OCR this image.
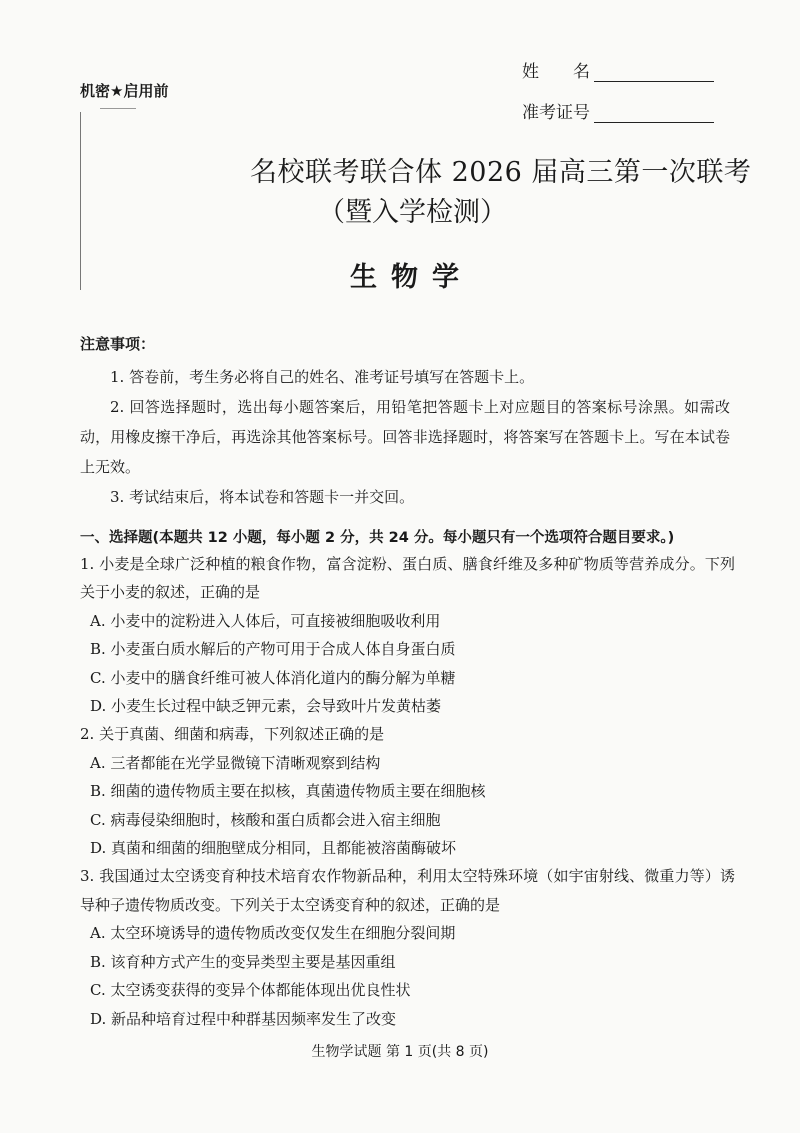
机密★启用前
姓　　名
准考证号
名校联考联合体 2026 届高三第一次联考
（暨入学检测）
生物学
注意事项：

1. 答卷前，考生务必将自己的姓名、准考证号填写在答题卡上。

2. 回答选择题时，选出每小题答案后，用铅笔把答题卡上对应题目的答案标号涂黑。如需改动，用橡皮擦干净后，再选涂其他答案标号。回答非选择题时，将答案写在答题卡上。写在本试卷上无效。

3. 考试结束后，将本试卷和答题卡一并交回。

一、选择题(本题共 12 小题，每小题 2 分，共 24 分。每小题只有一个选项符合题目要求。)

1. 小麦是全球广泛种植的粮食作物，富含淀粉、蛋白质、膳食纤维及多种矿物质等营养成分。下列关于小麦的叙述，正确的是

A. 小麦中的淀粉进入人体后，可直接被细胞吸收利用

B. 小麦蛋白质水解后的产物可用于合成人体自身蛋白质

C. 小麦中的膳食纤维可被人体消化道内的酶分解为单糖

D. 小麦生长过程中缺乏钾元素，会导致叶片发黄枯萎

2. 关于真菌、细菌和病毒，下列叙述正确的是

A. 三者都能在光学显微镜下清晰观察到结构

B. 细菌的遗传物质主要在拟核，真菌遗传物质主要在细胞核

C. 病毒侵染细胞时，核酸和蛋白质都会进入宿主细胞

D. 真菌和细菌的细胞壁成分相同，且都能被溶菌酶破坏

3. 我国通过太空诱变育种技术培育农作物新品种，利用太空特殊环境（如宇宙射线、微重力等）诱导种子遗传物质改变。下列关于太空诱变育种的叙述，正确的是

A. 太空环境诱导的遗传物质改变仅发生在细胞分裂间期

B. 该育种方式产生的变异类型主要是基因重组

C. 太空诱变获得的变异个体都能体现出优良性状

D. 新品种培育过程中种群基因频率发生了改变

生物学试题 第 1 页(共 8 页)
